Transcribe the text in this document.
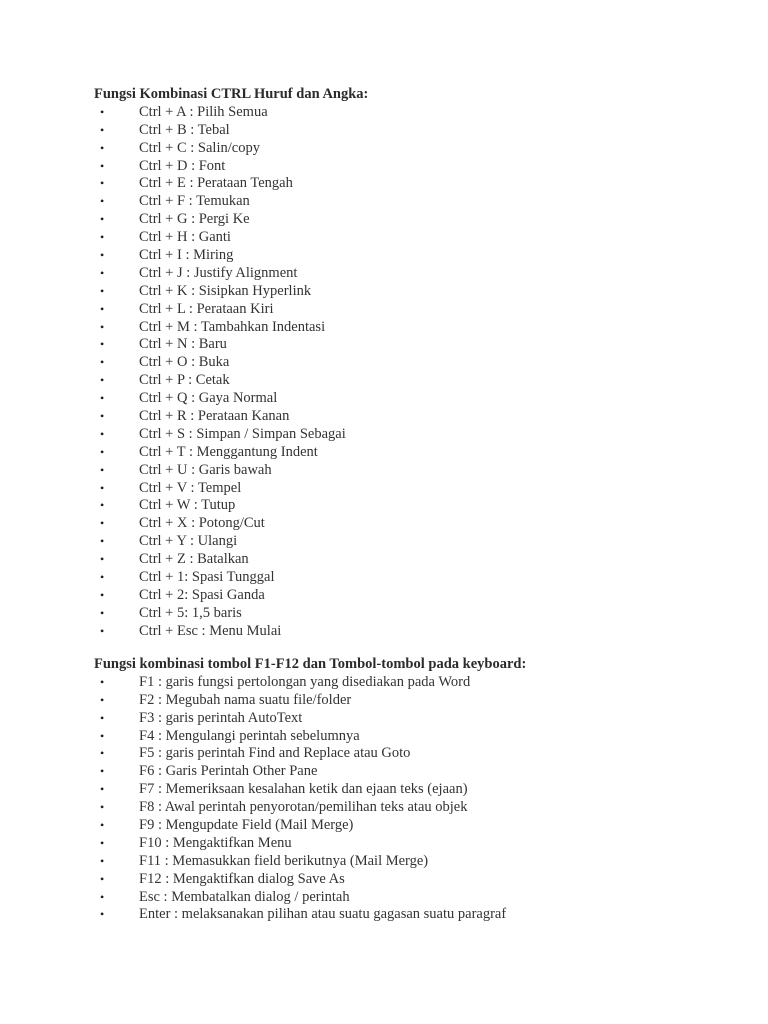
Fungsi Kombinasi CTRL Huruf dan Angka:
• Ctrl + A : Pilih Semua
• Ctrl + B : Tebal
• Ctrl + C : Salin/copy
• Ctrl + D : Font
• Ctrl + E : Perataan Tengah
• Ctrl + F : Temukan
• Ctrl + G : Pergi Ke
• Ctrl + H : Ganti
• Ctrl + I : Miring
• Ctrl + J : Justify Alignment
• Ctrl + K : Sisipkan Hyperlink
• Ctrl + L : Perataan Kiri
• Ctrl + M : Tambahkan Indentasi
• Ctrl + N : Baru
• Ctrl + O : Buka
• Ctrl + P : Cetak
• Ctrl + Q : Gaya Normal
• Ctrl + R : Perataan Kanan
• Ctrl + S : Simpan / Simpan Sebagai
• Ctrl + T : Menggantung Indent
• Ctrl + U : Garis bawah
• Ctrl + V : Tempel
• Ctrl + W : Tutup
• Ctrl + X : Potong/Cut
• Ctrl + Y : Ulangi
• Ctrl + Z : Batalkan
• Ctrl + 1: Spasi Tunggal
• Ctrl + 2: Spasi Ganda
• Ctrl + 5: 1,5 baris
• Ctrl + Esc : Menu Mulai
Fungsi kombinasi tombol F1-F12 dan Tombol-tombol pada keyboard:
• F1 : garis fungsi pertolongan yang disediakan pada Word
• F2 : Megubah nama suatu file/folder
• F3 : garis perintah AutoText
• F4 : Mengulangi perintah sebelumnya
• F5 : garis perintah Find and Replace atau Goto
• F6 : Garis Perintah Other Pane
• F7 : Memeriksaan kesalahan ketik dan ejaan teks (ejaan)
• F8 : Awal perintah penyorotan/pemilihan teks atau objek
• F9 : Mengupdate Field (Mail Merge)
• F10 : Mengaktifkan Menu
• F11 : Memasukkan field berikutnya (Mail Merge)
• F12 : Mengaktifkan dialog Save As
• Esc : Membatalkan dialog / perintah
• Enter : melaksanakan pilihan atau suatu gagasan suatu paragraf
